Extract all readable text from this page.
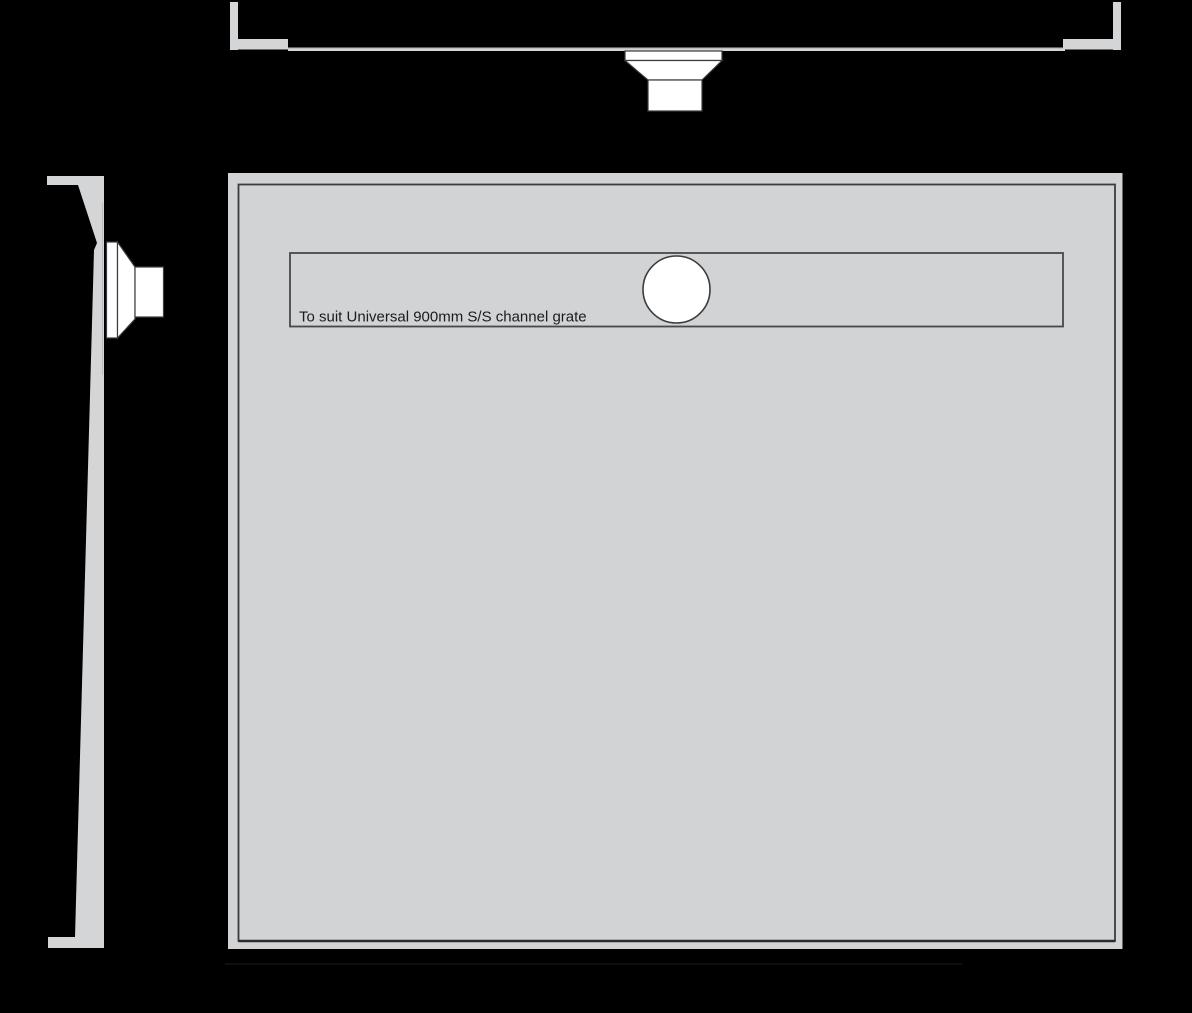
To suit Universal 900mm S/S channel grate
